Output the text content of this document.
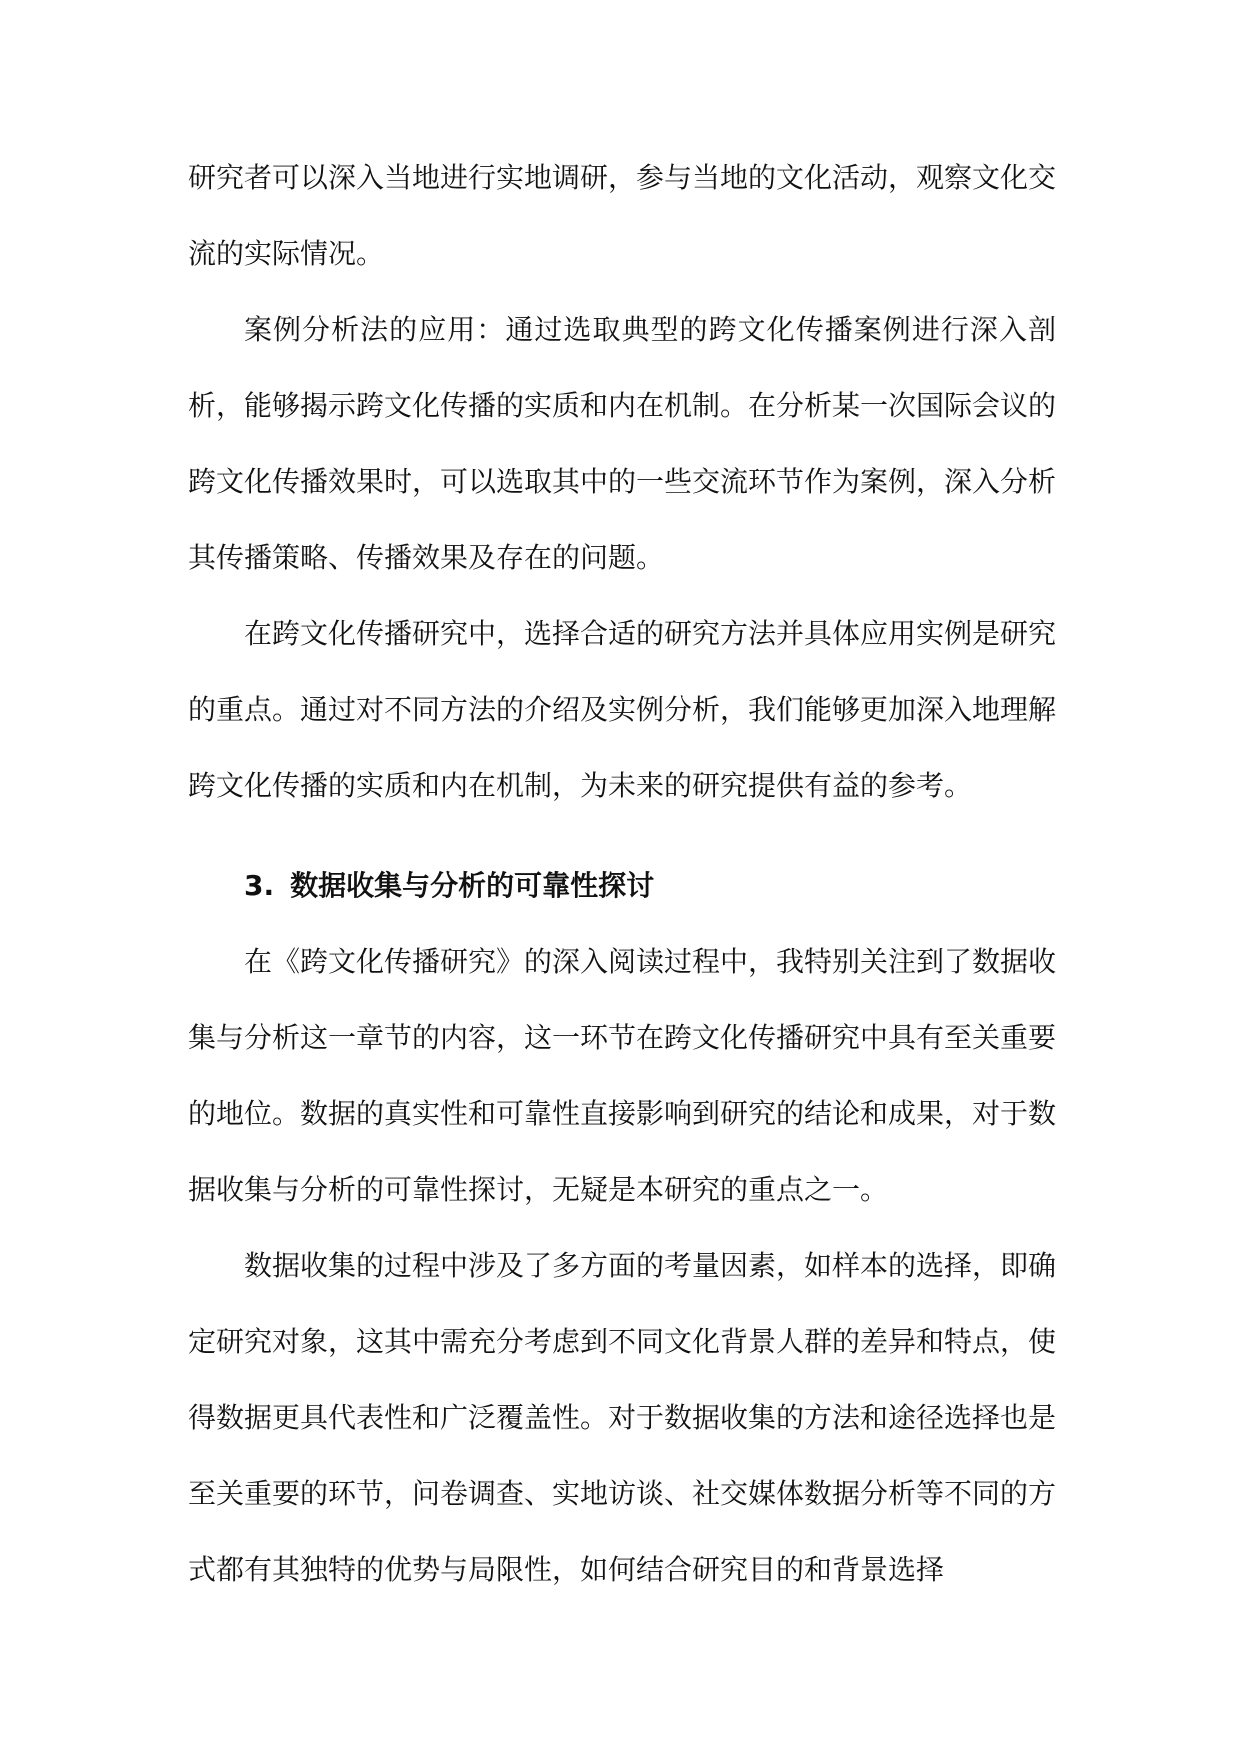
研究者可以深入当地进行实地调研，参与当地的文化活动，观察文化交流的实际情况。

案例分析法的应用：通过选取典型的跨文化传播案例进行深入剖析，能够揭示跨文化传播的实质和内在机制。在分析某一次国际会议的跨文化传播效果时，可以选取其中的一些交流环节作为案例，深入分析其传播策略、传播效果及存在的问题。

在跨文化传播研究中，选择合适的研究方法并具体应用实例是研究的重点。通过对不同方法的介绍及实例分析，我们能够更加深入地理解跨文化传播的实质和内在机制，为未来的研究提供有益的参考。

3. 数据收集与分析的可靠性探讨

在《跨文化传播研究》的深入阅读过程中，我特别关注到了数据收集与分析这一章节的内容，这一环节在跨文化传播研究中具有至关重要的地位。数据的真实性和可靠性直接影响到研究的结论和成果，对于数据收集与分析的可靠性探讨，无疑是本研究的重点之一。

数据收集的过程中涉及了多方面的考量因素，如样本的选择，即确定研究对象，这其中需充分考虑到不同文化背景人群的差异和特点，使得数据更具代表性和广泛覆盖性。对于数据收集的方法和途径选择也是至关重要的环节，问卷调查、实地访谈、社交媒体数据分析等不同的方式都有其独特的优势与局限性，如何结合研究目的和背景选择
